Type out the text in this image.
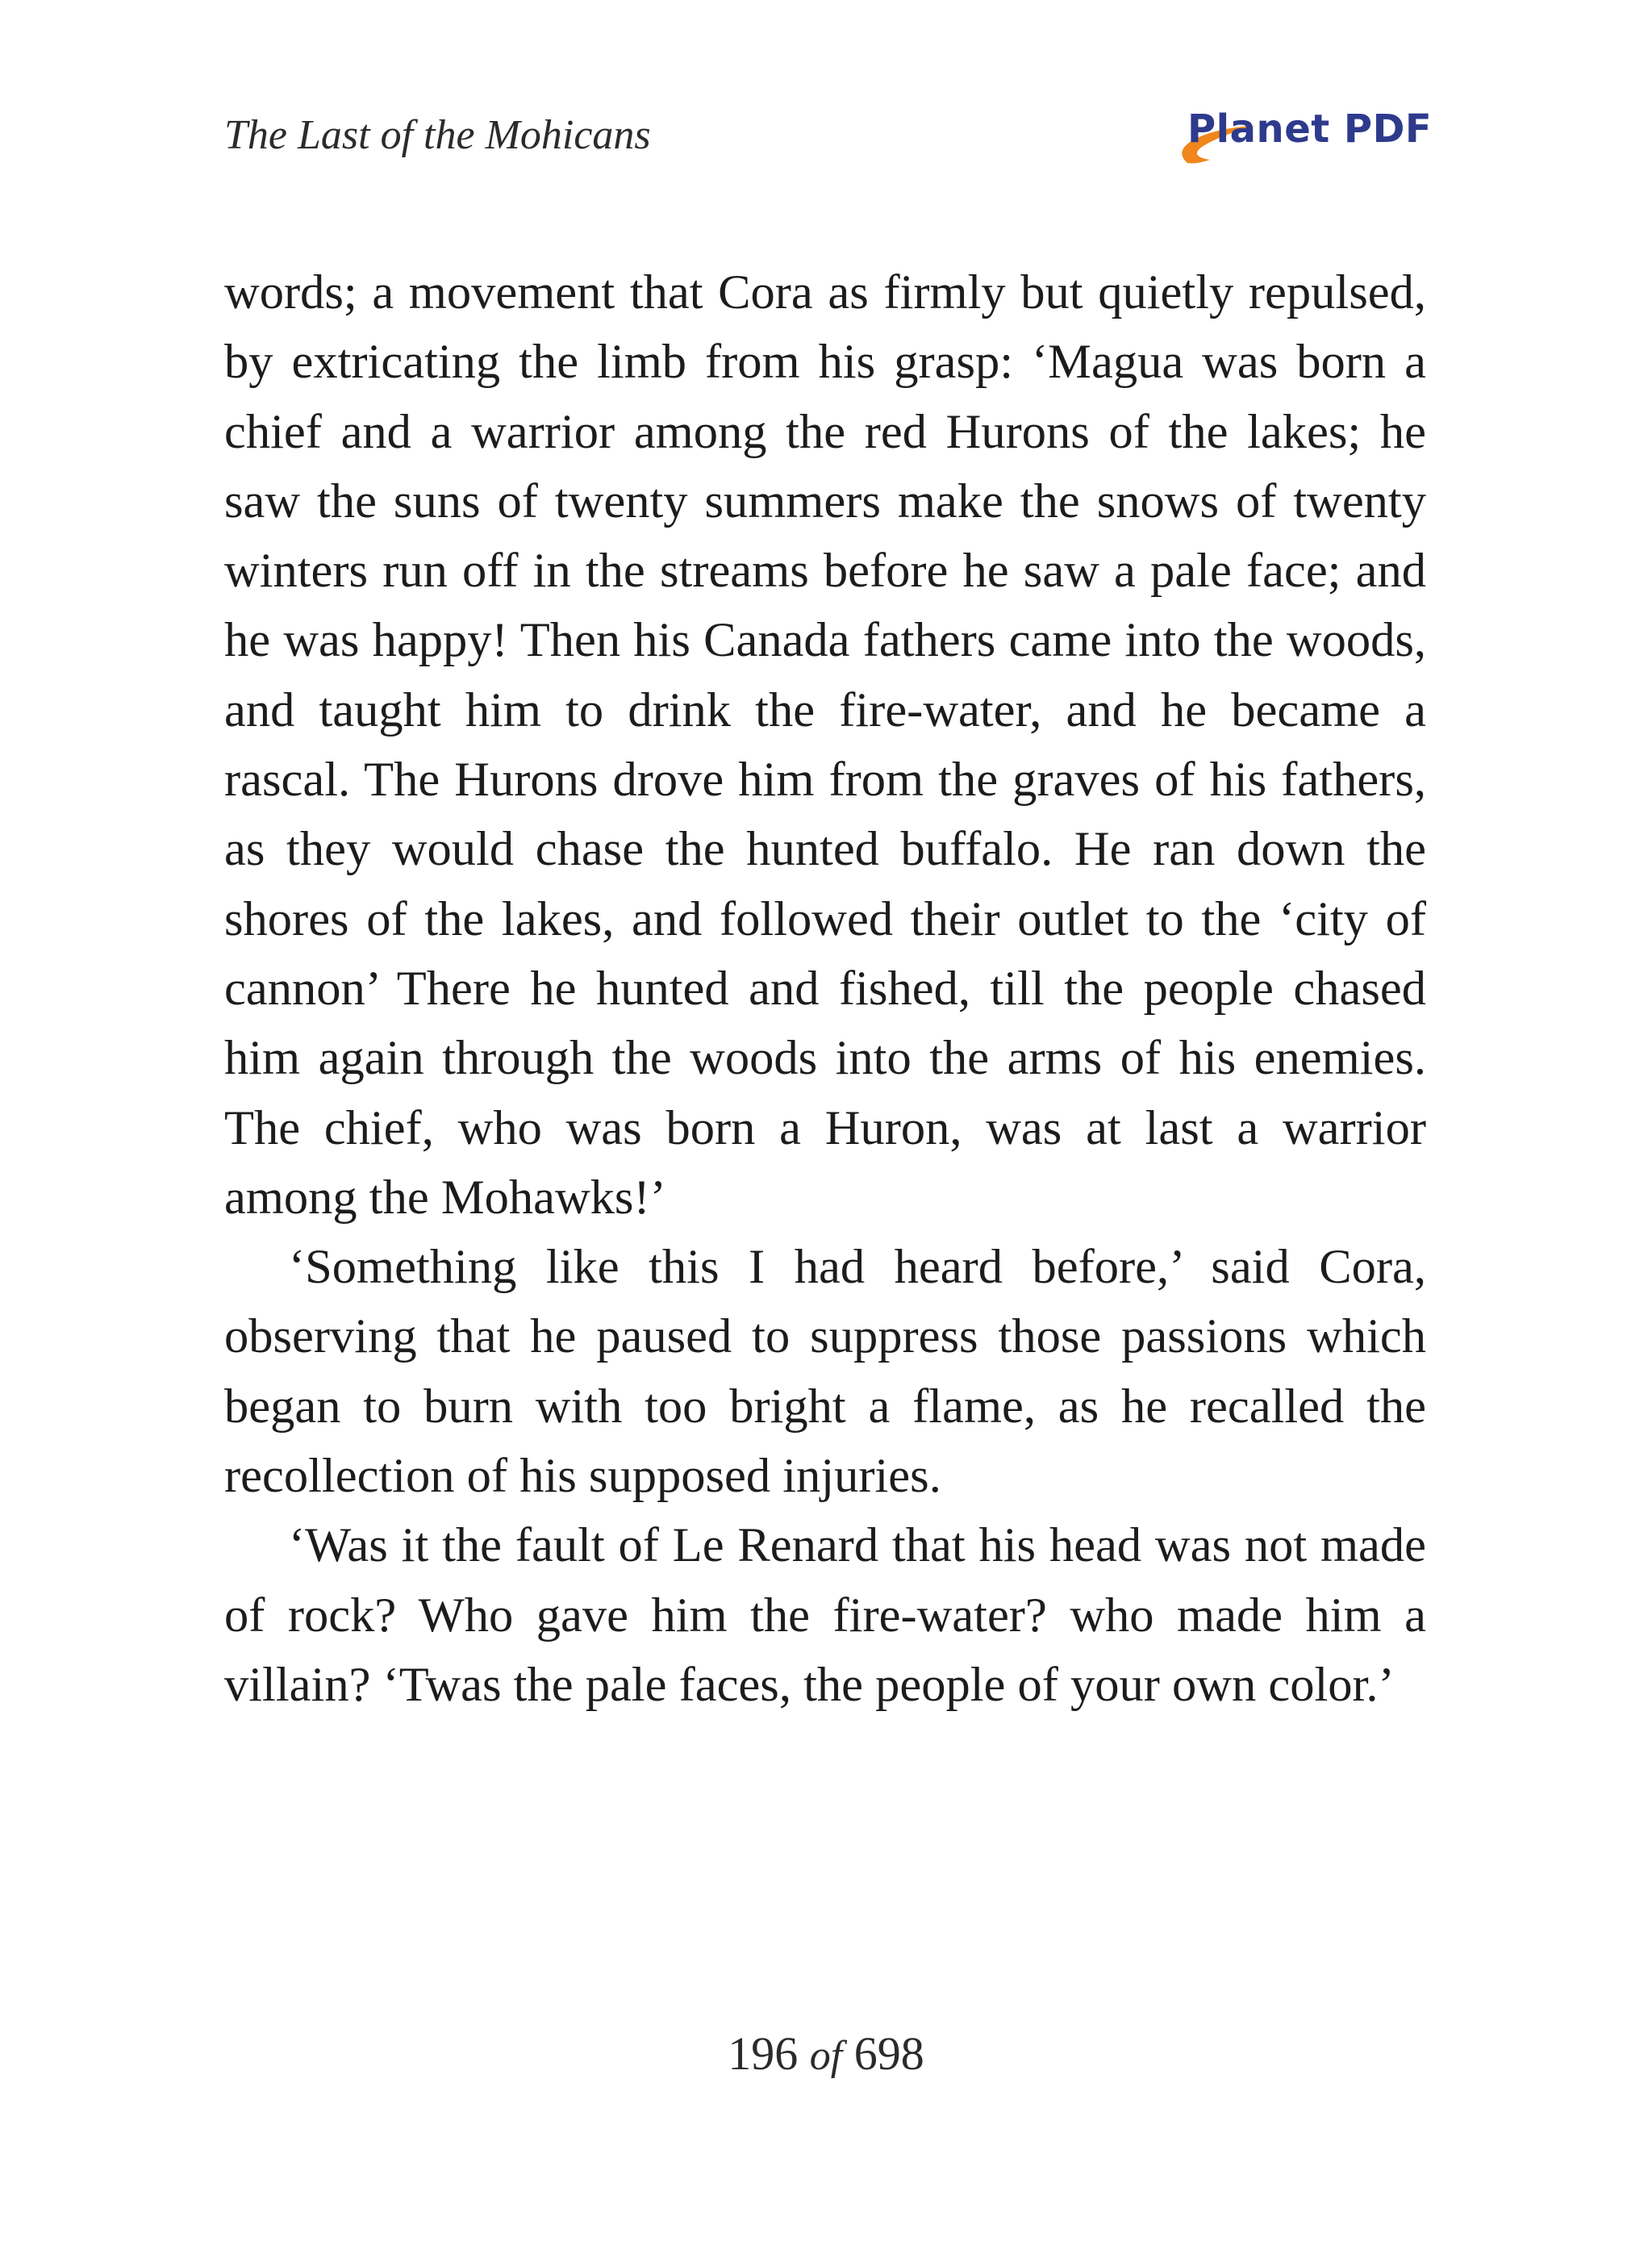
The Last of the Mohicans	Planet PDF

words; a movement that Cora as firmly but quietly repulsed, by extricating the limb from his grasp: ‘Magua was born a chief and a warrior among the red Hurons of the lakes; he saw the suns of twenty summers make the snows of twenty winters run off in the streams before he saw a pale face; and he was happy! Then his Canada fathers came into the woods, and taught him to drink the fire-water, and he became a rascal. The Hurons drove him from the graves of his fathers, as they would chase the hunted buffalo. He ran down the shores of the lakes, and followed their outlet to the ‘city of cannon’ There he hunted and fished, till the people chased him again through the woods into the arms of his enemies. The chief, who was born a Huron, was at last a warrior among the Mohawks!’

‘Something like this I had heard before,’ said Cora, observing that he paused to suppress those passions which began to burn with too bright a flame, as he recalled the recollection of his supposed injuries.

‘Was it the fault of Le Renard that his head was not made of rock? Who gave him the fire-water? who made him a villain? ‘Twas the pale faces, the people of your own color.’

196 of 698
